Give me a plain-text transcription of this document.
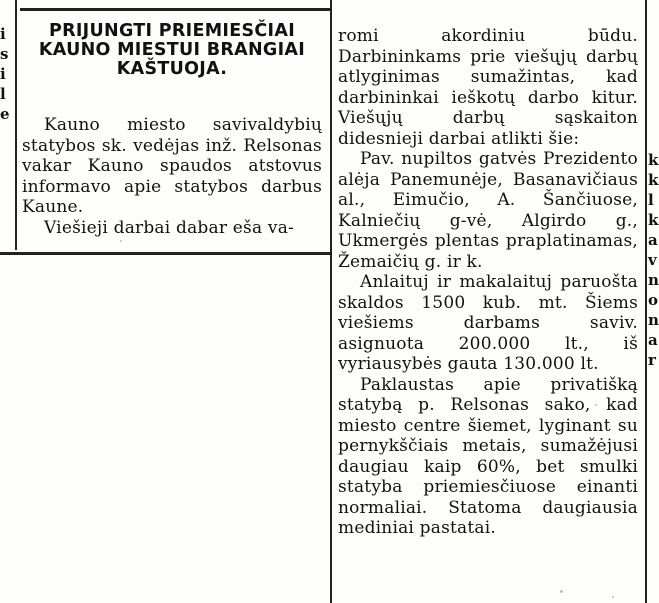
i
s
i
l
e
PRIJUNGTI PRIEMIESČIAI KAUNO MIESTUI BRANGIAI KAŠTUOJA.
Kauno miesto savivaldybių statybos sk. vedėjas inž. Relsonas vakar Kauno spaudos atstovus informavo apie statybos darbus Kaune.
Viešieji darbai dabar eša va-
romi akordiniu būdu. Darbininkams prie viešųjų darbų atlyginimas sumažintas, kad darbininkai ieškotų darbo kitur. Viešųjų darbų sąskaiton didesnieji darbai atlikti šie:
Pav. nupiltos gatvės Prezidento alėja Panemunėje, Basanavičiaus al., Eimučio, A. Šančiuose, Kalniečių g-vė, Algirdo g., Ukmergės plentas praplatinamas, Žemaičių g. ir k.
Anlaituj ir makalaituj paruošta skaldos 1500 kub. mt. Šiems viešiems darbams saviv. asignuota 200.000 lt., iš vyriausybės gauta 130.000 lt.
Paklaustas apie privatišką statybą p. Relsonas sako, kad miesto centre šiemet, lyginant su pernykščiais metais, sumažėjusi daugiau kaip 60%, bet smulki statyba priemiesčiuose einanti normaliai. Statoma daugiausia mediniai pastatai.
k
k
l
k
a
v
n
o
n
a
r
